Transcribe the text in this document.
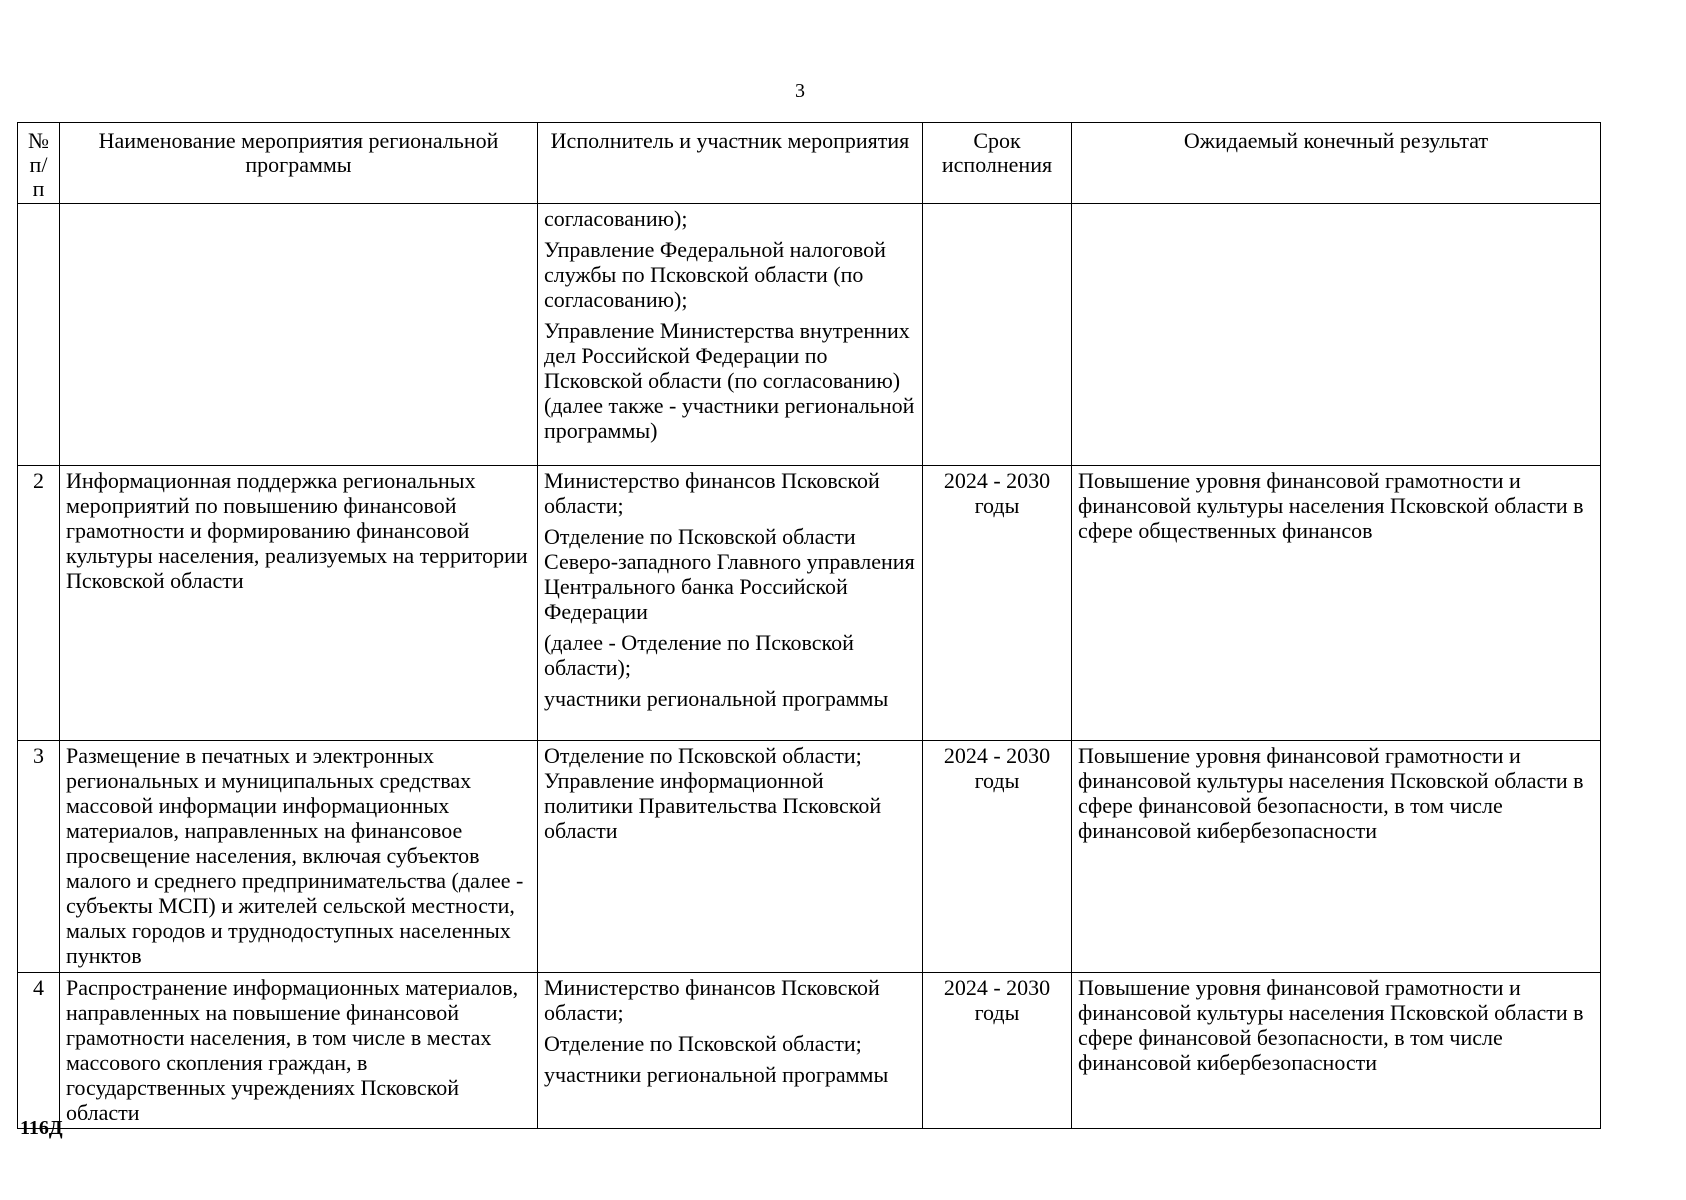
3
№ п/п	Наименование мероприятия региональной программы	Исполнитель и участник мероприятия	Срок исполнения	Ожидаемый конечный результат

		согласованию);
Управление Федеральной налоговой службы по Псковской области (по согласованию);
Управление Министерства внутренних дел Российской Федерации по Псковской области (по согласованию) (далее также - участники региональной программы)		

2	Информационная поддержка региональных мероприятий по повышению финансовой грамотности и формированию финансовой культуры населения, реализуемых на территории Псковской области	Министерство финансов Псковской области;
Отделение по Псковской области Северо-западного Главного управления Центрального банка Российской Федерации
(далее - Отделение по Псковской области);
участники региональной программы	2024 - 2030 годы	Повышение уровня финансовой грамотности и финансовой культуры населения Псковской области в сфере общественных финансов
3	Размещение в печатных и электронных региональных и муниципальных средствах массовой информации информационных материалов, направленных на финансовое просвещение населения, включая субъектов малого и среднего предпринимательства (далее - субъекты МСП) и жителей сельской местности, малых городов и труднодоступных населенных пунктов	Отделение по Псковской области; Управление информационной политики Правительства Псковской области	2024 - 2030 годы	Повышение уровня финансовой грамотности и финансовой культуры населения Псковской области в сфере финансовой безопасности, в том числе финансовой кибербезопасности
4	Распространение информационных материалов, направленных на повышение финансовой грамотности населения, в том числе в местах массового скопления граждан, в государственных учреждениях Псковской области	Министерство финансов Псковской области;
Отделение по Псковской области;
участники региональной программы	2024 - 2030 годы	Повышение уровня финансовой грамотности и финансовой культуры населения Псковской области в сфере финансовой безопасности, в том числе финансовой кибербезопасности
116Д
